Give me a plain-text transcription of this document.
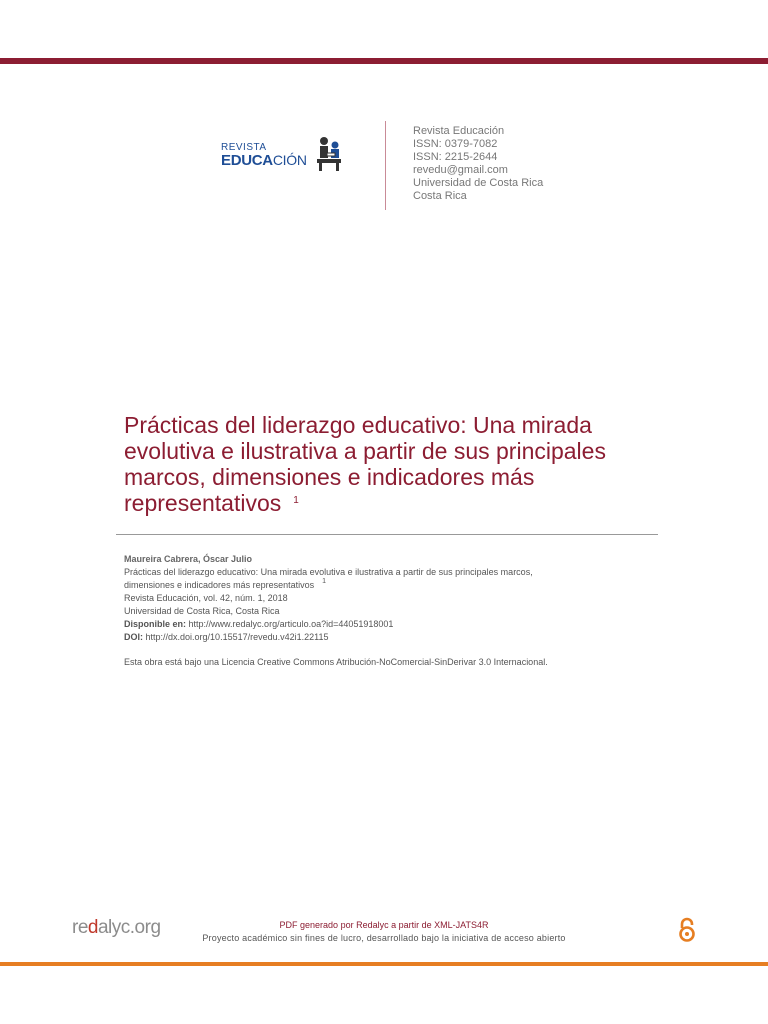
REVISTA
EDUCACIÓN
Revista Educación
ISSN: 0379-7082
ISSN: 2215-2644
revedu@gmail.com
Universidad de Costa Rica
Costa Rica
Prácticas del liderazgo educativo: Una mirada evolutiva e ilustrativa a partir de sus principales marcos, dimensiones e indicadores más representativos $^1$
Maureira Cabrera, Óscar Julio
Prácticas del liderazgo educativo: Una mirada evolutiva e ilustrativa a partir de sus principales marcos,
dimensiones e indicadores más representativos $^1$
Revista Educación, vol. 42, núm. 1, 2018
Universidad de Costa Rica, Costa Rica
Disponible en: http://www.redalyc.org/articulo.oa?id=44051918001
DOI: http://dx.doi.org/10.15517/revedu.v42i1.22115
Esta obra está bajo una Licencia Creative Commons Atribución-NoComercial-SinDerivar 3.0 Internacional.
redalyc.org	PDF generado por Redalyc a partir de XML-JATS4R
Proyecto académico sin fines de lucro, desarrollado bajo la iniciativa de acceso abierto
